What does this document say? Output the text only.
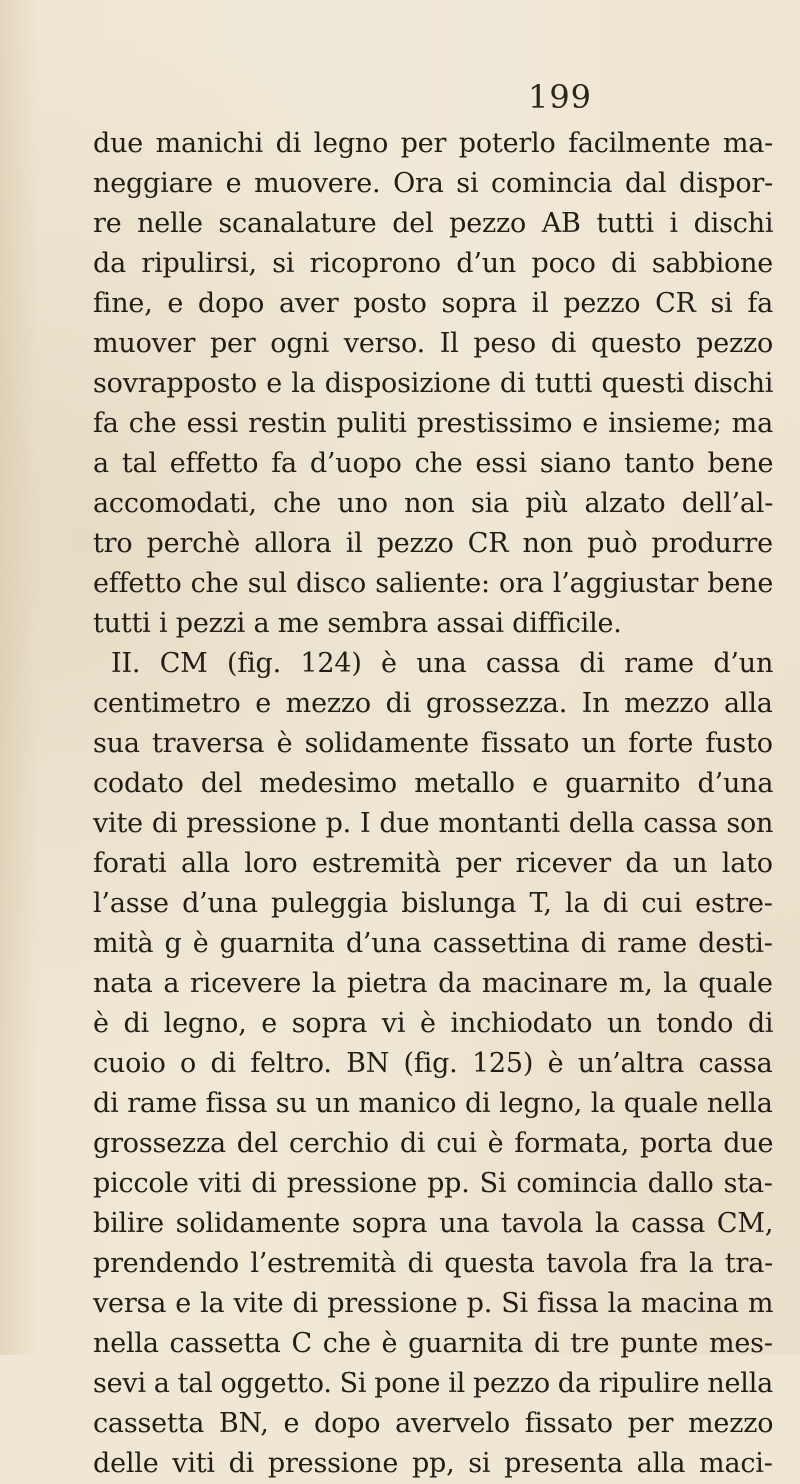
199
due manichi di legno per poterlo facilmente ma-
neggiare e muovere. Ora si comincia dal dispor-
re nelle scanalature del pezzo AB tutti i dischi
da ripulirsi, si ricoprono d’un poco di sabbione
fine, e dopo aver posto sopra il pezzo CR si fa
muover per ogni verso. Il peso di questo pezzo
sovrapposto e la disposizione di tutti questi dischi
fa che essi restin puliti prestissimo e insieme; ma
a tal effetto fa d’uopo che essi siano tanto bene
accomodati, che uno non sia più alzato dell’al-
tro perchè allora il pezzo CR non può produrre
effetto che sul disco saliente: ora l’aggiustar bene
tutti i pezzi a me sembra assai difficile.
II. CM (fig. 124) è una cassa di rame d’un
centimetro e mezzo di grossezza. In mezzo alla
sua traversa è solidamente fissato un forte fusto
codato del medesimo metallo e guarnito d’una
vite di pressione p. I due montanti della cassa son
forati alla loro estremità per ricever da un lato
l’asse d’una puleggia bislunga T, la di cui estre-
mità g è guarnita d’una cassettina di rame desti-
nata a ricevere la pietra da macinare m, la quale
è di legno, e sopra vi è inchiodato un tondo di
cuoio o di feltro. BN (fig. 125) è un’altra cassa
di rame fissa su un manico di legno, la quale nella
grossezza del cerchio di cui è formata, porta due
piccole viti di pressione pp. Si comincia dallo sta-
bilire solidamente sopra una tavola la cassa CM,
prendendo l’estremità di questa tavola fra la tra-
versa e la vite di pressione p. Si fissa la macina m
nella cassetta C che è guarnita di tre punte mes-
sevi a tal oggetto. Si pone il pezzo da ripulire nella
cassetta BN, e dopo avervelo fissato per mezzo
delle viti di pressione pp, si presenta alla maci-
